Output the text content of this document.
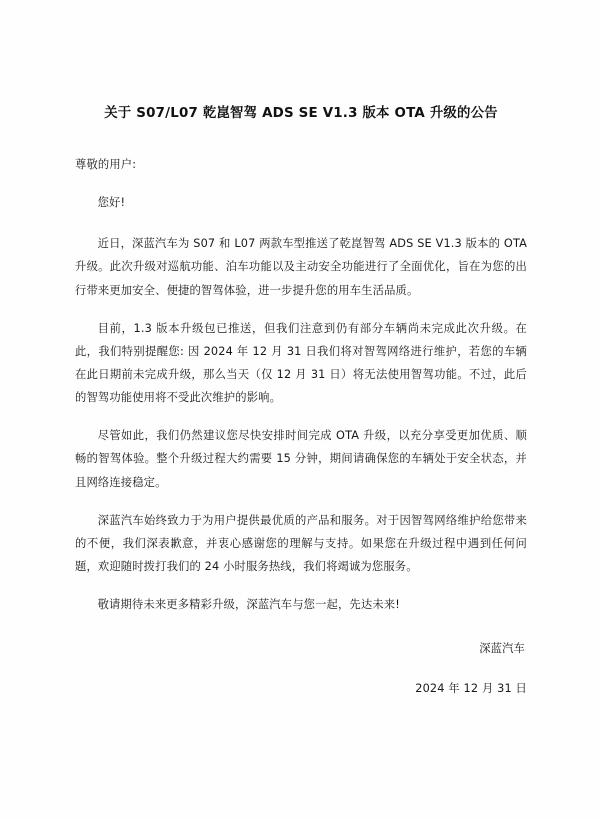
关于 S07/L07 乾崑智驾 ADS SE V1.3 版本 OTA 升级的公告

尊敬的用户:

您好!

近日，深蓝汽车为 S07 和 L07 两款车型推送了乾崑智驾 ADS SE V1.3 版本的 OTA 升级。此次升级对巡航功能、泊车功能以及主动安全功能进行了全面优化，旨在为您的出行带来更加安全、便捷的智驾体验，进一步提升您的用车生活品质。

目前，1.3 版本升级包已推送，但我们注意到仍有部分车辆尚未完成此次升级。在此，我们特别提醒您: 因 2024 年 12 月 31 日我们将对智驾网络进行维护，若您的车辆在此日期前未完成升级，那么当天（仅 12 月 31 日）将无法使用智驾功能。不过，此后的智驾功能使用将不受此次维护的影响。

尽管如此，我们仍然建议您尽快安排时间完成 OTA 升级，以充分享受更加优质、顺畅的智驾体验。整个升级过程大约需要 15 分钟，期间请确保您的车辆处于安全状态，并且网络连接稳定。

深蓝汽车始终致力于为用户提供最优质的产品和服务。对于因智驾网络维护给您带来的不便，我们深表歉意，并衷心感谢您的理解与支持。如果您在升级过程中遇到任何问题，欢迎随时拨打我们的 24 小时服务热线，我们将竭诚为您服务。

敬请期待未来更多精彩升级，深蓝汽车与您一起，先达未来!

深蓝汽车

2024 年 12 月 31 日
